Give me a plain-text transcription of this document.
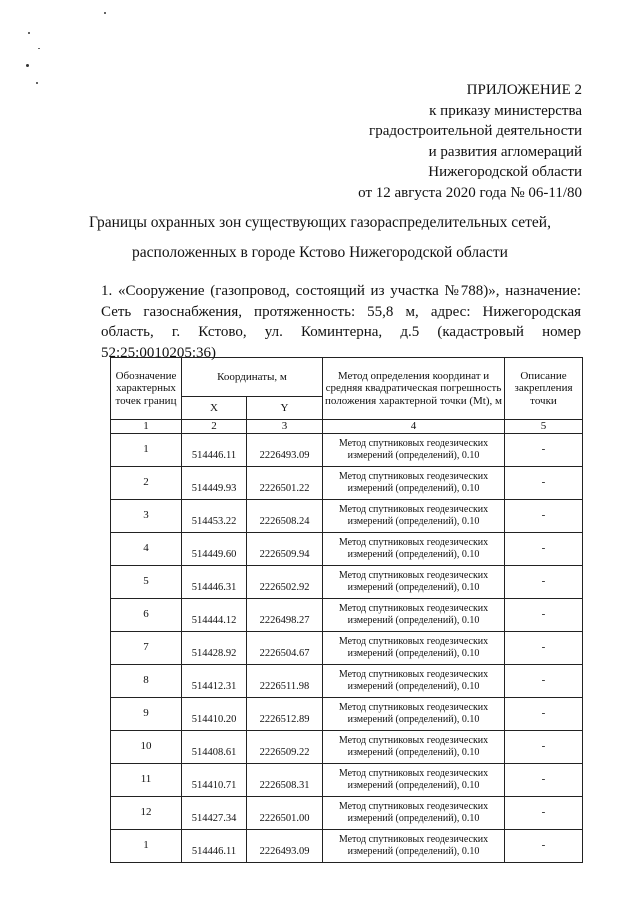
ПРИЛОЖЕНИЕ 2
к приказу министерства
градостроительной деятельности
и развития агломераций
Нижегородской области
от 12 августа 2020 года № 06-11/80
Границы охранных зон существующих газораспределительных сетей,
расположенных в городе Кстово Нижегородской области
1. «Сооружение (газопровод, состоящий из участка №788)», назначение: Сеть газоснабжения, протяженность: 55,8 м, адрес: Нижегородская область, г. Кстово, ул. Коминтерна, д.5 (кадастровый номер 52:25:0010205:36)
Обозначение характерных точек границ	Координаты, м		Метод определения координат и средняя квадратическая погрешность положения характерной точки (Mt), м	Описание закрепления точки
	X	Y		
1	2	3	4	5
1	514446.11	2226493.09	Метод спутниковых геодезических измерений (определений), 0.10	-
2	514449.93	2226501.22	Метод спутниковых геодезических измерений (определений), 0.10	-
3	514453.22	2226508.24	Метод спутниковых геодезических измерений (определений), 0.10	-
4	514449.60	2226509.94	Метод спутниковых геодезических измерений (определений), 0.10	-
5	514446.31	2226502.92	Метод спутниковых геодезических измерений (определений), 0.10	-
6	514444.12	2226498.27	Метод спутниковых геодезических измерений (определений), 0.10	-
7	514428.92	2226504.67	Метод спутниковых геодезических измерений (определений), 0.10	-
8	514412.31	2226511.98	Метод спутниковых геодезических измерений (определений), 0.10	-
9	514410.20	2226512.89	Метод спутниковых геодезических измерений (определений), 0.10	-
10	514408.61	2226509.22	Метод спутниковых геодезических измерений (определений), 0.10	-
11	514410.71	2226508.31	Метод спутниковых геодезических измерений (определений), 0.10	-
12	514427.34	2226501.00	Метод спутниковых геодезических измерений (определений), 0.10	-
1	514446.11	2226493.09	Метод спутниковых геодезических измерений (определений), 0.10	-
